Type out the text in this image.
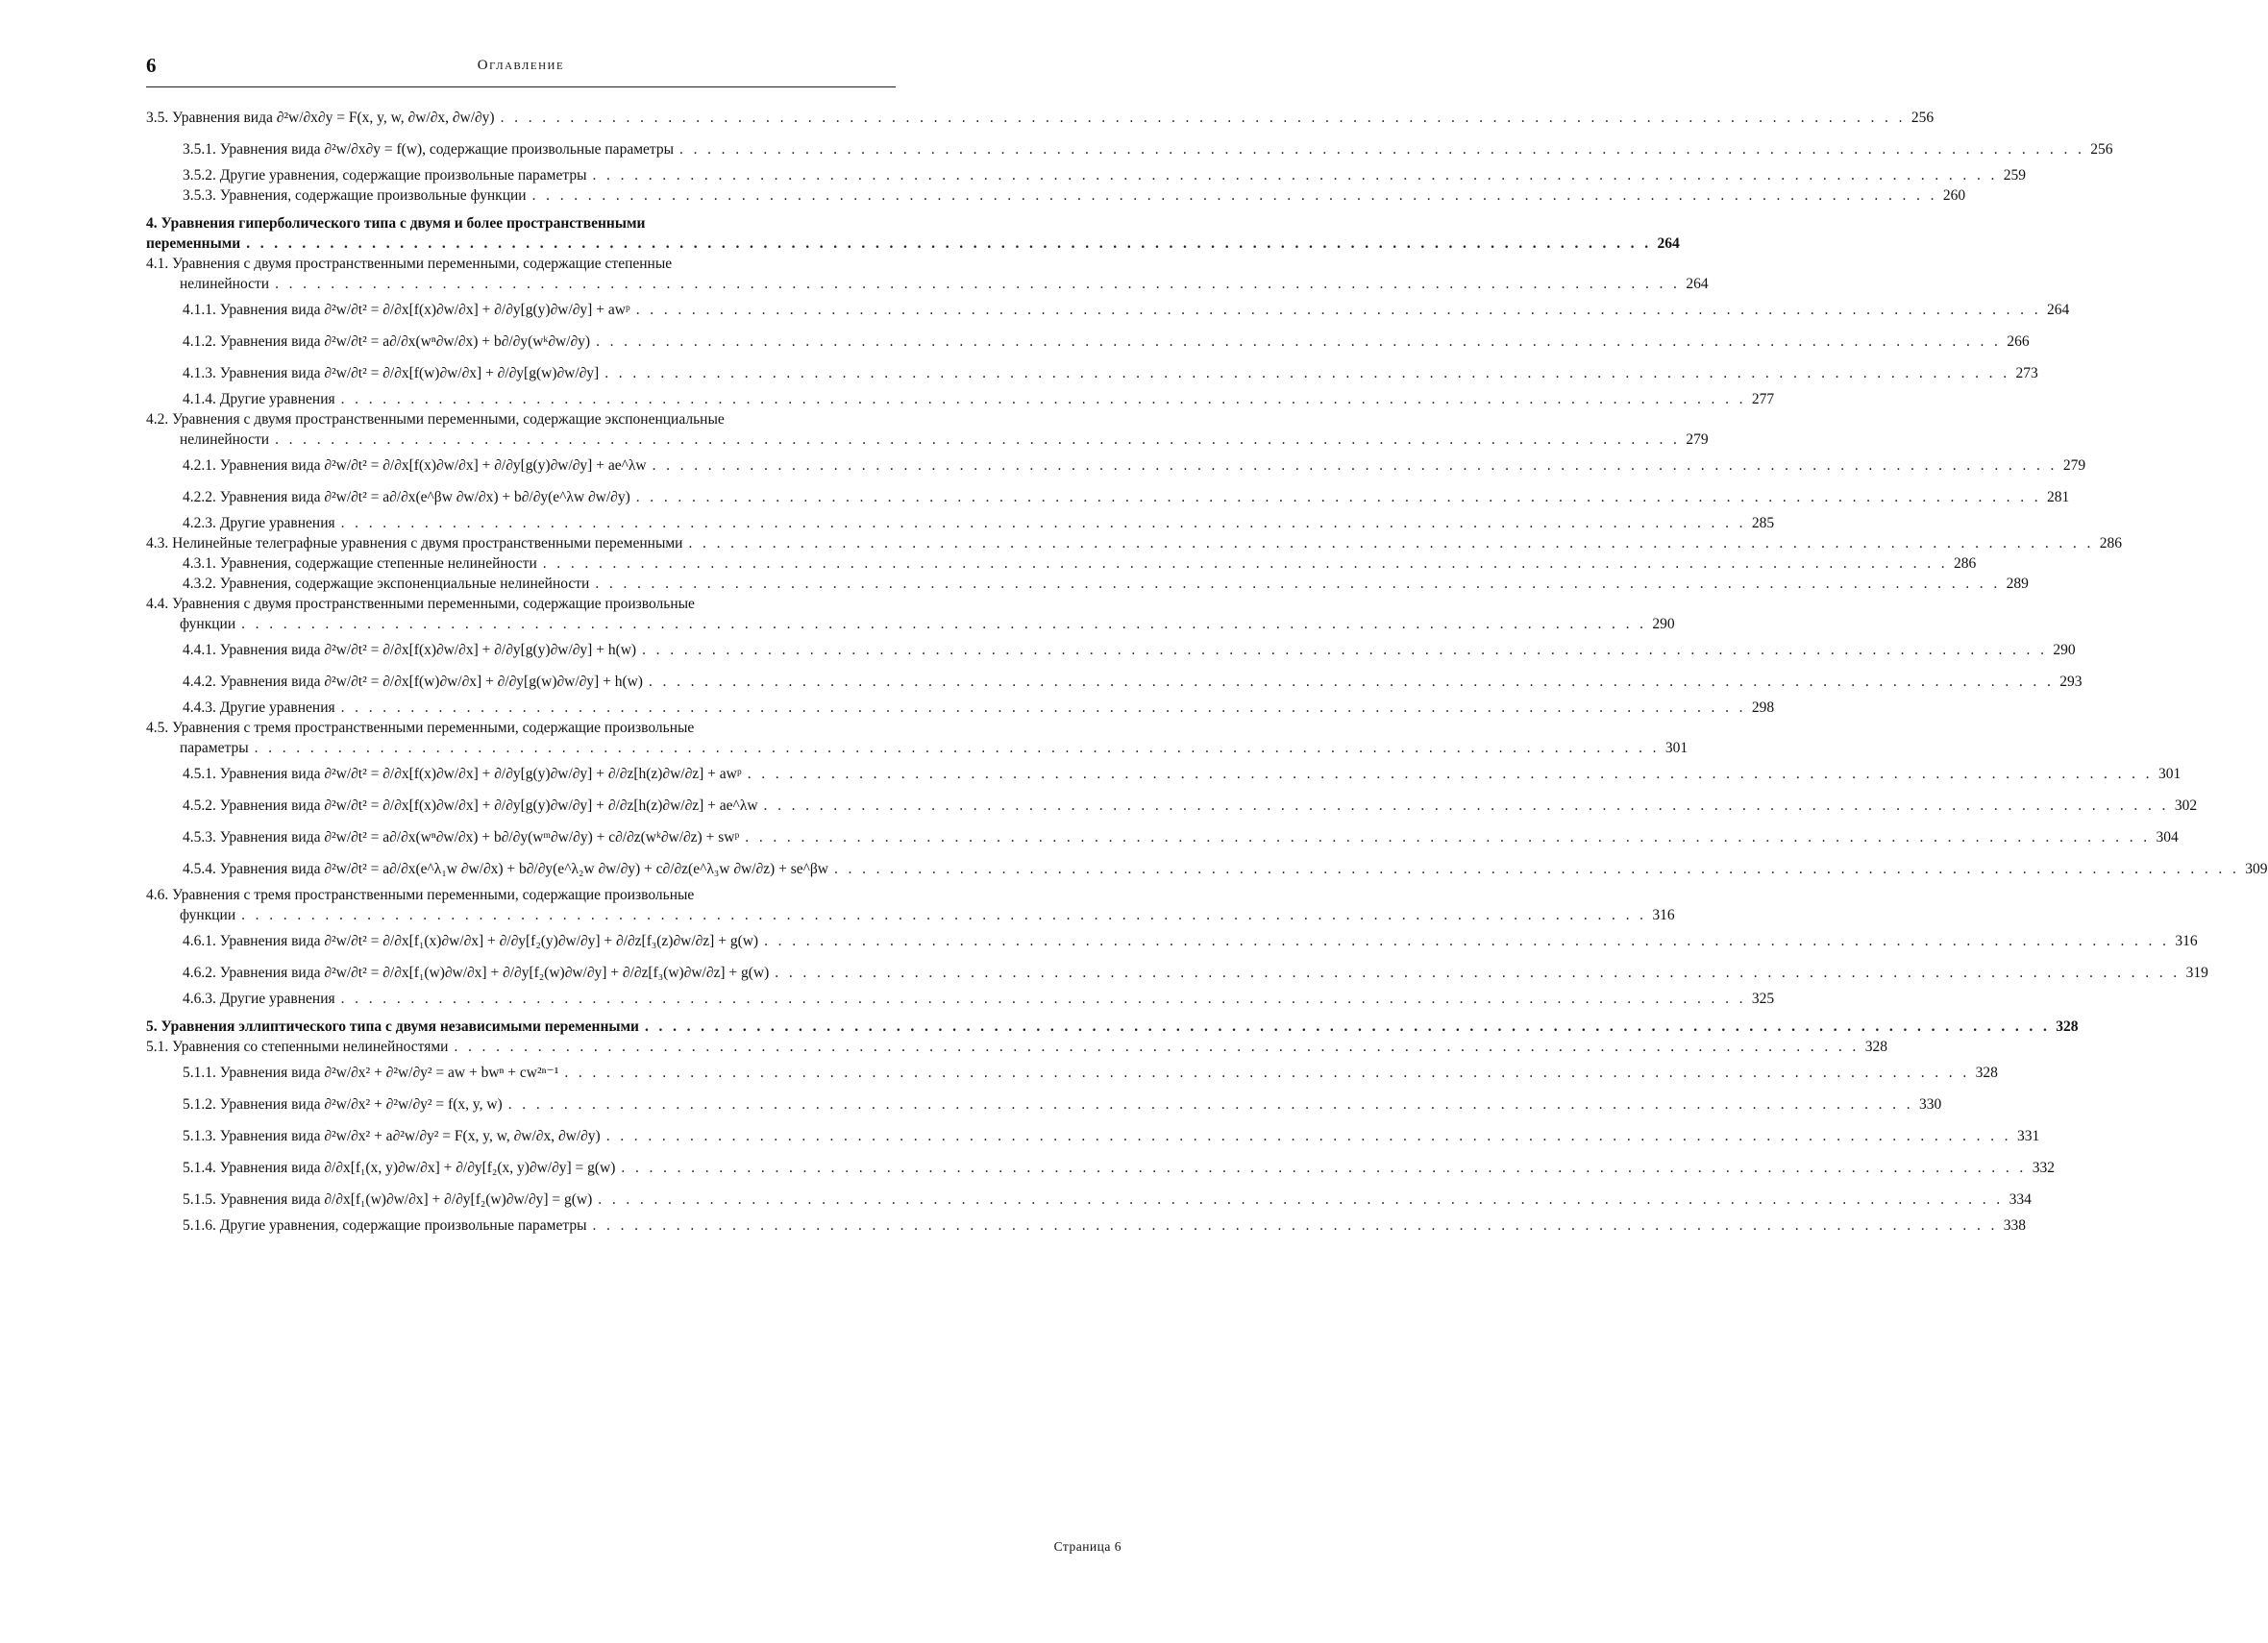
6	Оглавление
3.5.
Уравнения вида ∂²w/∂x∂y = F(x, y, w, ∂w/∂x, ∂w/∂y) . . . . . . . . . . . . . . . . . . . . . . . . . . . . . . . . . . . . . . . . . . . . . . . . . . . . . . . . . . . . . . . . . . . . . . . . . . . . . . . . . . . . . . . . . . . . . . . . . . . . . 256
3.5.1.
Уравнения вида ∂²w/∂x∂y = f(w), содержащие произвольные параметры . . . . . . . . . . . . . . . . . . . . . . . . . . . . . . . . . . . . . . . . . . . . . . . . . . . . . . . . . . . . . . . . . . . . . . . . . . . . . . . . . . . . . . . . . . . . . . . . . . . . . 256
3.5.2.
Другие уравнения, содержащие произвольные параметры . . . . . . . . . . . . . . . . . . . . . . . . . . . . . . . . . . . . . . . . . . . . . . . . . . . . . . . . . . . . . . . . . . . . . . . . . . . . . . . . . . . . . . . . . . . . . . . . . . . . . 259
3.5.3.
Уравнения, содержащие произвольные функции . . . . . . . . . . . . . . . . . . . . . . . . . . . . . . . . . . . . . . . . . . . . . . . . . . . . . . . . . . . . . . . . . . . . . . . . . . . . . . . . . . . . . . . . . . . . . . . . . . . . . 260
4. Уравнения гиперболического типа с двумя и более пространственными
переменными . . . . . . . . . . . . . . . . . . . . . . . . . . . . . . . . . . . . . . . . . . . . . . . . . . . . . . . . . . . . . . . . . . . . . . . . . . . . . . . . . . . . . . . . . . . . . . . . . . . . . 264
4.1. Уравнения с двумя пространственными переменными, содержащие степенные
нелинейности . . . . . . . . . . . . . . . . . . . . . . . . . . . . . . . . . . . . . . . . . . . . . . . . . . . . . . . . . . . . . . . . . . . . . . . . . . . . . . . . . . . . . . . . . . . . . . . . . . . . . 264
4.1.1.
Уравнения вида ∂²w/∂t² = ∂/∂x[f(x)∂w/∂x] + ∂/∂y[g(y)∂w/∂y] + awᵖ . . . . . . . . . . . . . . . . . . . . . . . . . . . . . . . . . . . . . . . . . . . . . . . . . . . . . . . . . . . . . . . . . . . . . . . . . . . . . . . . . . . . . . . . . . . . . . . . . . . . . 264
4.1.2.
Уравнения вида ∂²w/∂t² = a∂/∂x(wⁿ∂w/∂x) + b∂/∂y(wᵏ∂w/∂y) . . . . . . . . . . . . . . . . . . . . . . . . . . . . . . . . . . . . . . . . . . . . . . . . . . . . . . . . . . . . . . . . . . . . . . . . . . . . . . . . . . . . . . . . . . . . . . . . . . . . . 266
4.1.3.
Уравнения вида ∂²w/∂t² = ∂/∂x[f(w)∂w/∂x] + ∂/∂y[g(w)∂w/∂y] . . . . . . . . . . . . . . . . . . . . . . . . . . . . . . . . . . . . . . . . . . . . . . . . . . . . . . . . . . . . . . . . . . . . . . . . . . . . . . . . . . . . . . . . . . . . . . . . . . . . . 273
4.1.4.
Другие уравнения . . . . . . . . . . . . . . . . . . . . . . . . . . . . . . . . . . . . . . . . . . . . . . . . . . . . . . . . . . . . . . . . . . . . . . . . . . . . . . . . . . . . . . . . . . . . . . . . . . . . . 277
4.2. Уравнения с двумя пространственными переменными, содержащие экспоненциальные
нелинейности . . . . . . . . . . . . . . . . . . . . . . . . . . . . . . . . . . . . . . . . . . . . . . . . . . . . . . . . . . . . . . . . . . . . . . . . . . . . . . . . . . . . . . . . . . . . . . . . . . . . . 279
4.2.1.
Уравнения вида ∂²w/∂t² = ∂/∂x[f(x)∂w/∂x] + ∂/∂y[g(y)∂w/∂y] + ae^λw . . . . . . . . . . . . . . . . . . . . . . . . . . . . . . . . . . . . . . . . . . . . . . . . . . . . . . . . . . . . . . . . . . . . . . . . . . . . . . . . . . . . . . . . . . . . . . . . . . . . . 279
4.2.2.
Уравнения вида ∂²w/∂t² = a∂/∂x(e^βw ∂w/∂x) + b∂/∂y(e^λw ∂w/∂y) . . . . . . . . . . . . . . . . . . . . . . . . . . . . . . . . . . . . . . . . . . . . . . . . . . . . . . . . . . . . . . . . . . . . . . . . . . . . . . . . . . . . . . . . . . . . . . . . . . . . . 281
4.2.3.
Другие уравнения . . . . . . . . . . . . . . . . . . . . . . . . . . . . . . . . . . . . . . . . . . . . . . . . . . . . . . . . . . . . . . . . . . . . . . . . . . . . . . . . . . . . . . . . . . . . . . . . . . . . . 285
4.3.
Нелинейные телеграфные уравнения с двумя пространственными переменными . . . . . . . . . . . . . . . . . . . . . . . . . . . . . . . . . . . . . . . . . . . . . . . . . . . . . . . . . . . . . . . . . . . . . . . . . . . . . . . . . . . . . . . . . . . . . . . . . . . . . 286
4.3.1.
Уравнения, содержащие степенные нелинейности . . . . . . . . . . . . . . . . . . . . . . . . . . . . . . . . . . . . . . . . . . . . . . . . . . . . . . . . . . . . . . . . . . . . . . . . . . . . . . . . . . . . . . . . . . . . . . . . . . . . . 286
4.3.2.
Уравнения, содержащие экспоненциальные нелинейности . . . . . . . . . . . . . . . . . . . . . . . . . . . . . . . . . . . . . . . . . . . . . . . . . . . . . . . . . . . . . . . . . . . . . . . . . . . . . . . . . . . . . . . . . . . . . . . . . . . . . 289
4.4. Уравнения с двумя пространственными переменными, содержащие произвольные
функции . . . . . . . . . . . . . . . . . . . . . . . . . . . . . . . . . . . . . . . . . . . . . . . . . . . . . . . . . . . . . . . . . . . . . . . . . . . . . . . . . . . . . . . . . . . . . . . . . . . . . 290
4.4.1.
Уравнения вида ∂²w/∂t² = ∂/∂x[f(x)∂w/∂x] + ∂/∂y[g(y)∂w/∂y] + h(w) . . . . . . . . . . . . . . . . . . . . . . . . . . . . . . . . . . . . . . . . . . . . . . . . . . . . . . . . . . . . . . . . . . . . . . . . . . . . . . . . . . . . . . . . . . . . . . . . . . . . . 290
4.4.2.
Уравнения вида ∂²w/∂t² = ∂/∂x[f(w)∂w/∂x] + ∂/∂y[g(w)∂w/∂y] + h(w) . . . . . . . . . . . . . . . . . . . . . . . . . . . . . . . . . . . . . . . . . . . . . . . . . . . . . . . . . . . . . . . . . . . . . . . . . . . . . . . . . . . . . . . . . . . . . . . . . . . . . 293
4.4.3.
Другие уравнения . . . . . . . . . . . . . . . . . . . . . . . . . . . . . . . . . . . . . . . . . . . . . . . . . . . . . . . . . . . . . . . . . . . . . . . . . . . . . . . . . . . . . . . . . . . . . . . . . . . . . 298
4.5. Уравнения с тремя пространственными переменными, содержащие произвольные
параметры . . . . . . . . . . . . . . . . . . . . . . . . . . . . . . . . . . . . . . . . . . . . . . . . . . . . . . . . . . . . . . . . . . . . . . . . . . . . . . . . . . . . . . . . . . . . . . . . . . . . . 301
4.5.1.
Уравнения вида ∂²w/∂t² = ∂/∂x[f(x)∂w/∂x] + ∂/∂y[g(y)∂w/∂y] + ∂/∂z[h(z)∂w/∂z] + awᵖ . . . . . . . . . . . . . . . . . . . . . . . . . . . . . . . . . . . . . . . . . . . . . . . . . . . . . . . . . . . . . . . . . . . . . . . . . . . . . . . . . . . . . . . . . . . . . . . . . . . . . 301
4.5.2.
Уравнения вида ∂²w/∂t² = ∂/∂x[f(x)∂w/∂x] + ∂/∂y[g(y)∂w/∂y] + ∂/∂z[h(z)∂w/∂z] + ae^λw . . . . . . . . . . . . . . . . . . . . . . . . . . . . . . . . . . . . . . . . . . . . . . . . . . . . . . . . . . . . . . . . . . . . . . . . . . . . . . . . . . . . . . . . . . . . . . . . . . . . . 302
4.5.3.
Уравнения вида ∂²w/∂t² = a∂/∂x(wⁿ∂w/∂x) + b∂/∂y(wᵐ∂w/∂y) + c∂/∂z(wᵏ∂w/∂z) + swᵖ . . . . . . . . . . . . . . . . . . . . . . . . . . . . . . . . . . . . . . . . . . . . . . . . . . . . . . . . . . . . . . . . . . . . . . . . . . . . . . . . . . . . . . . . . . . . . . . . . . . . . 304
4.5.4.
Уравнения вида ∂²w/∂t² = a∂/∂x(e^λ₁w ∂w/∂x) + b∂/∂y(e^λ₂w ∂w/∂y) + c∂/∂z(e^λ₃w ∂w/∂z) + se^βw . . . . . . . . . . . . . . . . . . . . . . . . . . . . . . . . . . . . . . . . . . . . . . . . . . . . . . . . . . . . . . . . . . . . . . . . . . . . . . . . . . . . . . . . . . . . . . . . . . . . . 309
4.6. Уравнения с тремя пространственными переменными, содержащие произвольные
функции . . . . . . . . . . . . . . . . . . . . . . . . . . . . . . . . . . . . . . . . . . . . . . . . . . . . . . . . . . . . . . . . . . . . . . . . . . . . . . . . . . . . . . . . . . . . . . . . . . . . . 316
4.6.1.
Уравнения вида ∂²w/∂t² = ∂/∂x[f₁(x)∂w/∂x] + ∂/∂y[f₂(y)∂w/∂y] + ∂/∂z[f₃(z)∂w/∂z] + g(w) . . . . . . . . . . . . . . . . . . . . . . . . . . . . . . . . . . . . . . . . . . . . . . . . . . . . . . . . . . . . . . . . . . . . . . . . . . . . . . . . . . . . . . . . . . . . . . . . . . . . . 316
4.6.2.
Уравнения вида ∂²w/∂t² = ∂/∂x[f₁(w)∂w/∂x] + ∂/∂y[f₂(w)∂w/∂y] + ∂/∂z[f₃(w)∂w/∂z] + g(w) . . . . . . . . . . . . . . . . . . . . . . . . . . . . . . . . . . . . . . . . . . . . . . . . . . . . . . . . . . . . . . . . . . . . . . . . . . . . . . . . . . . . . . . . . . . . . . . . . . . . . 319
4.6.3.
Другие уравнения . . . . . . . . . . . . . . . . . . . . . . . . . . . . . . . . . . . . . . . . . . . . . . . . . . . . . . . . . . . . . . . . . . . . . . . . . . . . . . . . . . . . . . . . . . . . . . . . . . . . . 325
5.
Уравнения эллиптического типа с двумя независимыми переменными . . . . . . . . . . . . . . . . . . . . . . . . . . . . . . . . . . . . . . . . . . . . . . . . . . . . . . . . . . . . . . . . . . . . . . . . . . . . . . . . . . . . . . . . . . . . . . . . . . . . . 328
5.1.
Уравнения со степенными нелинейностями . . . . . . . . . . . . . . . . . . . . . . . . . . . . . . . . . . . . . . . . . . . . . . . . . . . . . . . . . . . . . . . . . . . . . . . . . . . . . . . . . . . . . . . . . . . . . . . . . . . . . 328
5.1.1.
Уравнения вида ∂²w/∂x² + ∂²w/∂y² = aw + bwⁿ + cw²ⁿ⁻¹ . . . . . . . . . . . . . . . . . . . . . . . . . . . . . . . . . . . . . . . . . . . . . . . . . . . . . . . . . . . . . . . . . . . . . . . . . . . . . . . . . . . . . . . . . . . . . . . . . . . . . 328
5.1.2.
Уравнения вида ∂²w/∂x² + ∂²w/∂y² = f(x, y, w) . . . . . . . . . . . . . . . . . . . . . . . . . . . . . . . . . . . . . . . . . . . . . . . . . . . . . . . . . . . . . . . . . . . . . . . . . . . . . . . . . . . . . . . . . . . . . . . . . . . . . 330
5.1.3.
Уравнения вида ∂²w/∂x² + a∂²w/∂y² = F(x, y, w, ∂w/∂x, ∂w/∂y) . . . . . . . . . . . . . . . . . . . . . . . . . . . . . . . . . . . . . . . . . . . . . . . . . . . . . . . . . . . . . . . . . . . . . . . . . . . . . . . . . . . . . . . . . . . . . . . . . . . . . 331
5.1.4.
Уравнения вида ∂/∂x[f₁(x, y)∂w/∂x] + ∂/∂y[f₂(x, y)∂w/∂y] = g(w) . . . . . . . . . . . . . . . . . . . . . . . . . . . . . . . . . . . . . . . . . . . . . . . . . . . . . . . . . . . . . . . . . . . . . . . . . . . . . . . . . . . . . . . . . . . . . . . . . . . . . 332
5.1.5.
Уравнения вида ∂/∂x[f₁(w)∂w/∂x] + ∂/∂y[f₂(w)∂w/∂y] = g(w) . . . . . . . . . . . . . . . . . . . . . . . . . . . . . . . . . . . . . . . . . . . . . . . . . . . . . . . . . . . . . . . . . . . . . . . . . . . . . . . . . . . . . . . . . . . . . . . . . . . . . 334
5.1.6.
Другие уравнения, содержащие произвольные параметры . . . . . . . . . . . . . . . . . . . . . . . . . . . . . . . . . . . . . . . . . . . . . . . . . . . . . . . . . . . . . . . . . . . . . . . . . . . . . . . . . . . . . . . . . . . . . . . . . . . . . 338
Страница 6
